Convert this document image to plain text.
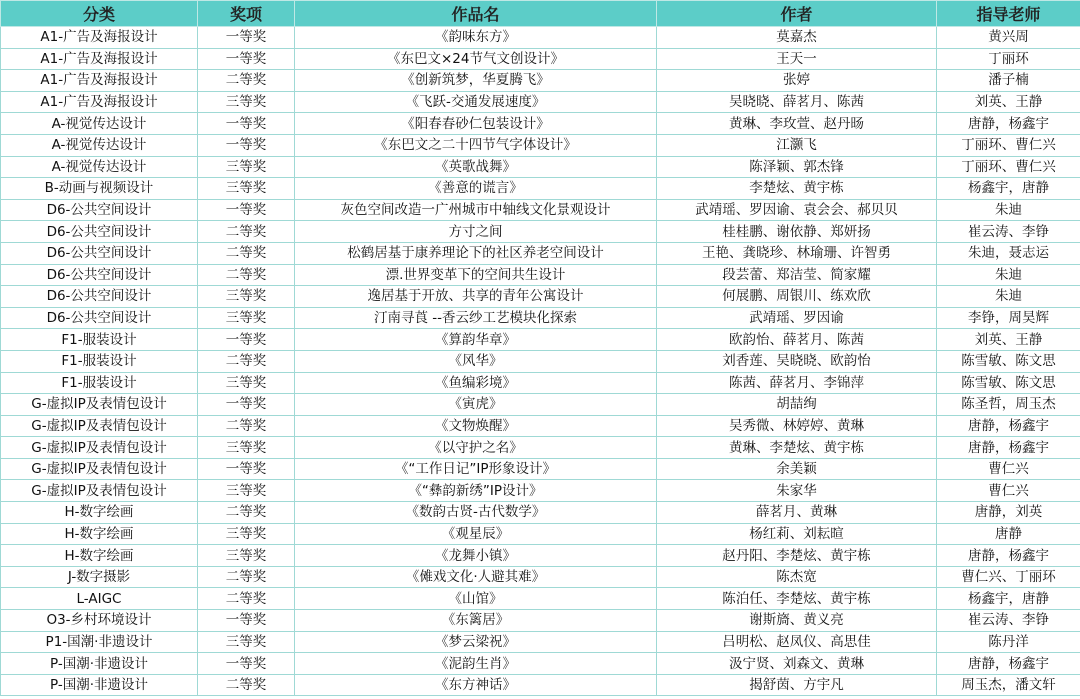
分类	奖项	作品名	作者	指导老师
A1-广告及海报设计	一等奖	《韵味东方》	莫嘉杰	黄兴周
A1-广告及海报设计	一等奖	《东巴文×24节气文创设计》	王天一	丁丽环
A1-广告及海报设计	二等奖	《创新筑梦，华夏腾飞》	张婷	潘子楠
A1-广告及海报设计	三等奖	《飞跃-交通发展速度》	吴晓晓、薛茗月、陈茜	刘英、王静
A-视觉传达设计	一等奖	《阳春春砂仁包装设计》	黄琳、李玫萱、赵丹旸	唐静，杨鑫宇
A-视觉传达设计	一等奖	《东巴文之二十四节气字体设计》	江灏飞	丁丽环、曹仁兴
A-视觉传达设计	三等奖	《英歌战舞》	陈泽颖、郭杰锋	丁丽环、曹仁兴
B-动画与视频设计	三等奖	《善意的谎言》	李楚炫、黄宇栋	杨鑫宇，唐静
D6-公共空间设计	一等奖	灰色空间改造一广州城市中轴线文化景观设计	武靖瑶、罗因谕、袁会会、郝贝贝	朱迪
D6-公共空间设计	二等奖	方寸之间	桂桂鹏、谢依静、郑妍扬	崔云涛、李铮
D6-公共空间设计	二等奖	松鹤居基于康养理论下的社区养老空间设计	王艳、龚晓珍、林瑜珊、许智勇	朱迪，聂志运
D6-公共空间设计	二等奖	漂.世界变革下的空间共生设计	段芸蕾、郑洁莹、简家耀	朱迪
D6-公共空间设计	三等奖	逸居基于开放、共享的青年公寓设计	何展鹏、周银川、练欢欣	朱迪
D6-公共空间设计	三等奖	汀南寻莨 --香云纱工艺模块化探索	武靖瑶、罗因谕	李铮，周昊辉
F1-服装设计	一等奖	《算韵华章》	欧韵怡、薛茗月、陈茜	刘英、王静
F1-服装设计	二等奖	《风华》	刘香莲、吴晓晓、欧韵怡	陈雪敏、陈文思
F1-服装设计	三等奖	《鱼编彩境》	陈茜、薛茗月、李锦萍	陈雪敏、陈文思
G-虚拟IP及表情包设计	一等奖	《寅虎》	胡喆绚	陈圣哲，周玉杰
G-虚拟IP及表情包设计	二等奖	《文物焕醒》	吴秀微、林婷婷、黄琳	唐静，杨鑫宇
G-虚拟IP及表情包设计	三等奖	《以守护之名》	黄琳、李楚炫、黄宇栋	唐静，杨鑫宇
G-虚拟IP及表情包设计	一等奖	《“工作日记”IP形象设计》	余美颖	曹仁兴
G-虚拟IP及表情包设计	三等奖	《“彝韵新绣”IP设计》	朱家华	曹仁兴
H-数字绘画	二等奖	《数韵古贤-古代数学》	薛茗月、黄琳	唐静，刘英
H-数字绘画	三等奖	《观星辰》	杨红莉、刘耘暄	唐静
H-数字绘画	三等奖	《龙舞小镇》	赵丹阳、李楚炫、黄宇栋	唐静，杨鑫宇
J-数字摄影	二等奖	《傩戏文化·人避其难》	陈杰宽	曹仁兴、丁丽环
L-AIGC	二等奖	《山馆》	陈泊任、李楚炫、黄宇栋	杨鑫宇，唐静
O3-乡村环境设计	一等奖	《东篱居》	谢斯旖、黄义亮	崔云涛、李铮
P1-国潮·非遗设计	三等奖	《梦云梁祝》	吕明松、赵凤仪、高思佳	陈丹洋
P-国潮·非遗设计	一等奖	《泥韵生肖》	汲宁贤、刘森文、黄琳	唐静，杨鑫宇
P-国潮·非遗设计	二等奖	《东方神话》	揭舒茵、方宇凡	周玉杰，潘文轩
